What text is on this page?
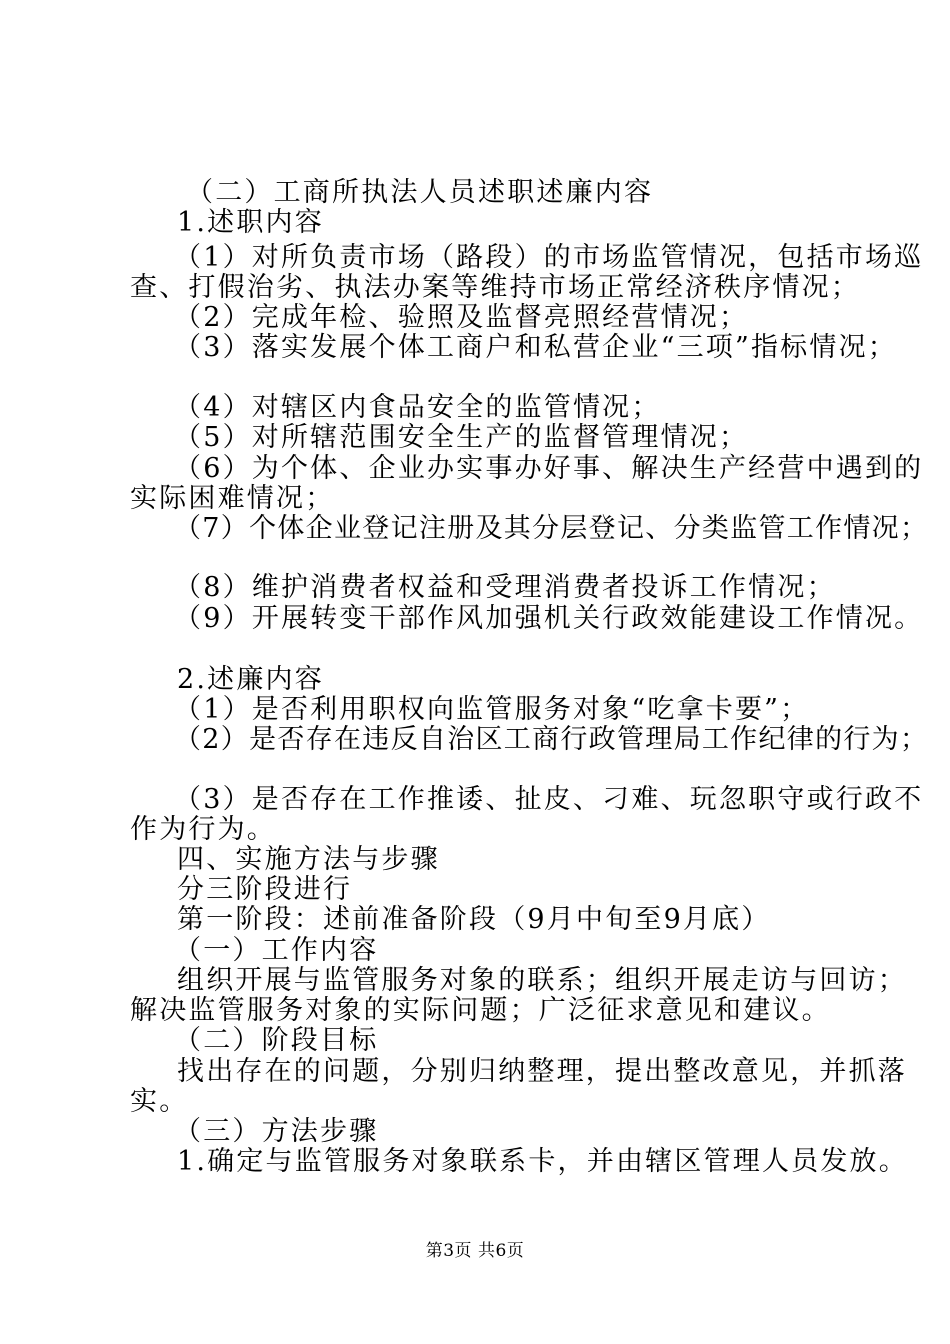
（二）工商所执法人员述职述廉内容
1.述职内容
（1）对所负责市场（路段）的市场监管情况，包括市场巡
查、打假治劣、执法办案等维持市场正常经济秩序情况；
（2）完成年检、验照及监督亮照经营情况；
（3）落实发展个体工商户和私营企业“三项”指标情况；
（4）对辖区内食品安全的监管情况；
（5）对所辖范围安全生产的监督管理情况；
（6）为个体、企业办实事办好事、解决生产经营中遇到的
实际困难情况；
（7）个体企业登记注册及其分层登记、分类监管工作情况；
（8）维护消费者权益和受理消费者投诉工作情况；
（9）开展转变干部作风加强机关行政效能建设工作情况。
2.述廉内容
（1）是否利用职权向监管服务对象“吃拿卡要”；
（2）是否存在违反自治区工商行政管理局工作纪律的行为；
（3）是否存在工作推诿、扯皮、刁难、玩忽职守或行政不
作为行为。
四、实施方法与步骤
分三阶段进行
第一阶段：述前准备阶段（9月中旬至9月底）
（一）工作内容
组织开展与监管服务对象的联系；组织开展走访与回访；
解决监管服务对象的实际问题；广泛征求意见和建议。
（二）阶段目标
找出存在的问题，分别归纳整理，提出整改意见，并抓落
实。
（三）方法步骤
1.确定与监管服务对象联系卡，并由辖区管理人员发放。
第3页 共6页
